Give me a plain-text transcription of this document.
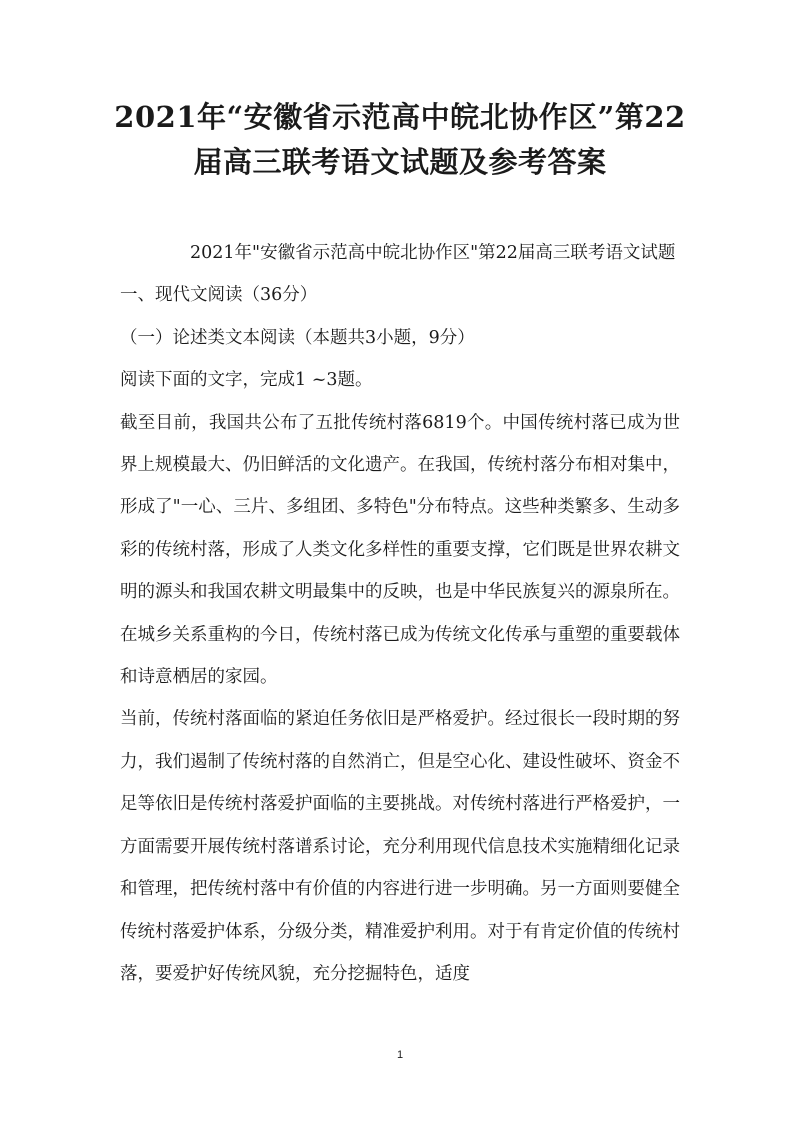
2021年“安徽省示范高中皖北协作区”第22届高三联考语文试题及参考答案

2021年"安徽省示范高中皖北协作区"第22届高三联考语文试题

一、现代文阅读（36分）

（一）论述类文本阅读（本题共3小题，9分）

阅读下面的文字，完成1 ~3题。

截至目前，我国共公布了五批传统村落6819个。中国传统村落已成为世界上规模最大、仍旧鲜活的文化遗产。在我国，传统村落分布相对集中，形成了"一心、三片、多组团、多特色"分布特点。这些种类繁多、生动多彩的传统村落，形成了人类文化多样性的重要支撑，它们既是世界农耕文明的源头和我国农耕文明最集中的反映，也是中华民族复兴的源泉所在。在城乡关系重构的今日，传统村落已成为传统文化传承与重塑的重要载体和诗意栖居的家园。

当前，传统村落面临的紧迫任务依旧是严格爱护。经过很长一段时期的努力，我们遏制了传统村落的自然消亡，但是空心化、建设性破坏、资金不足等依旧是传统村落爱护面临的主要挑战。对传统村落进行严格爱护，一方面需要开展传统村落谱系讨论，充分利用现代信息技术实施精细化记录和管理，把传统村落中有价值的内容进行进一步明确。另一方面则要健全传统村落爱护体系，分级分类，精准爱护利用。对于有肯定价值的传统村落，要爱护好传统风貌，充分挖掘特色，适度

1
